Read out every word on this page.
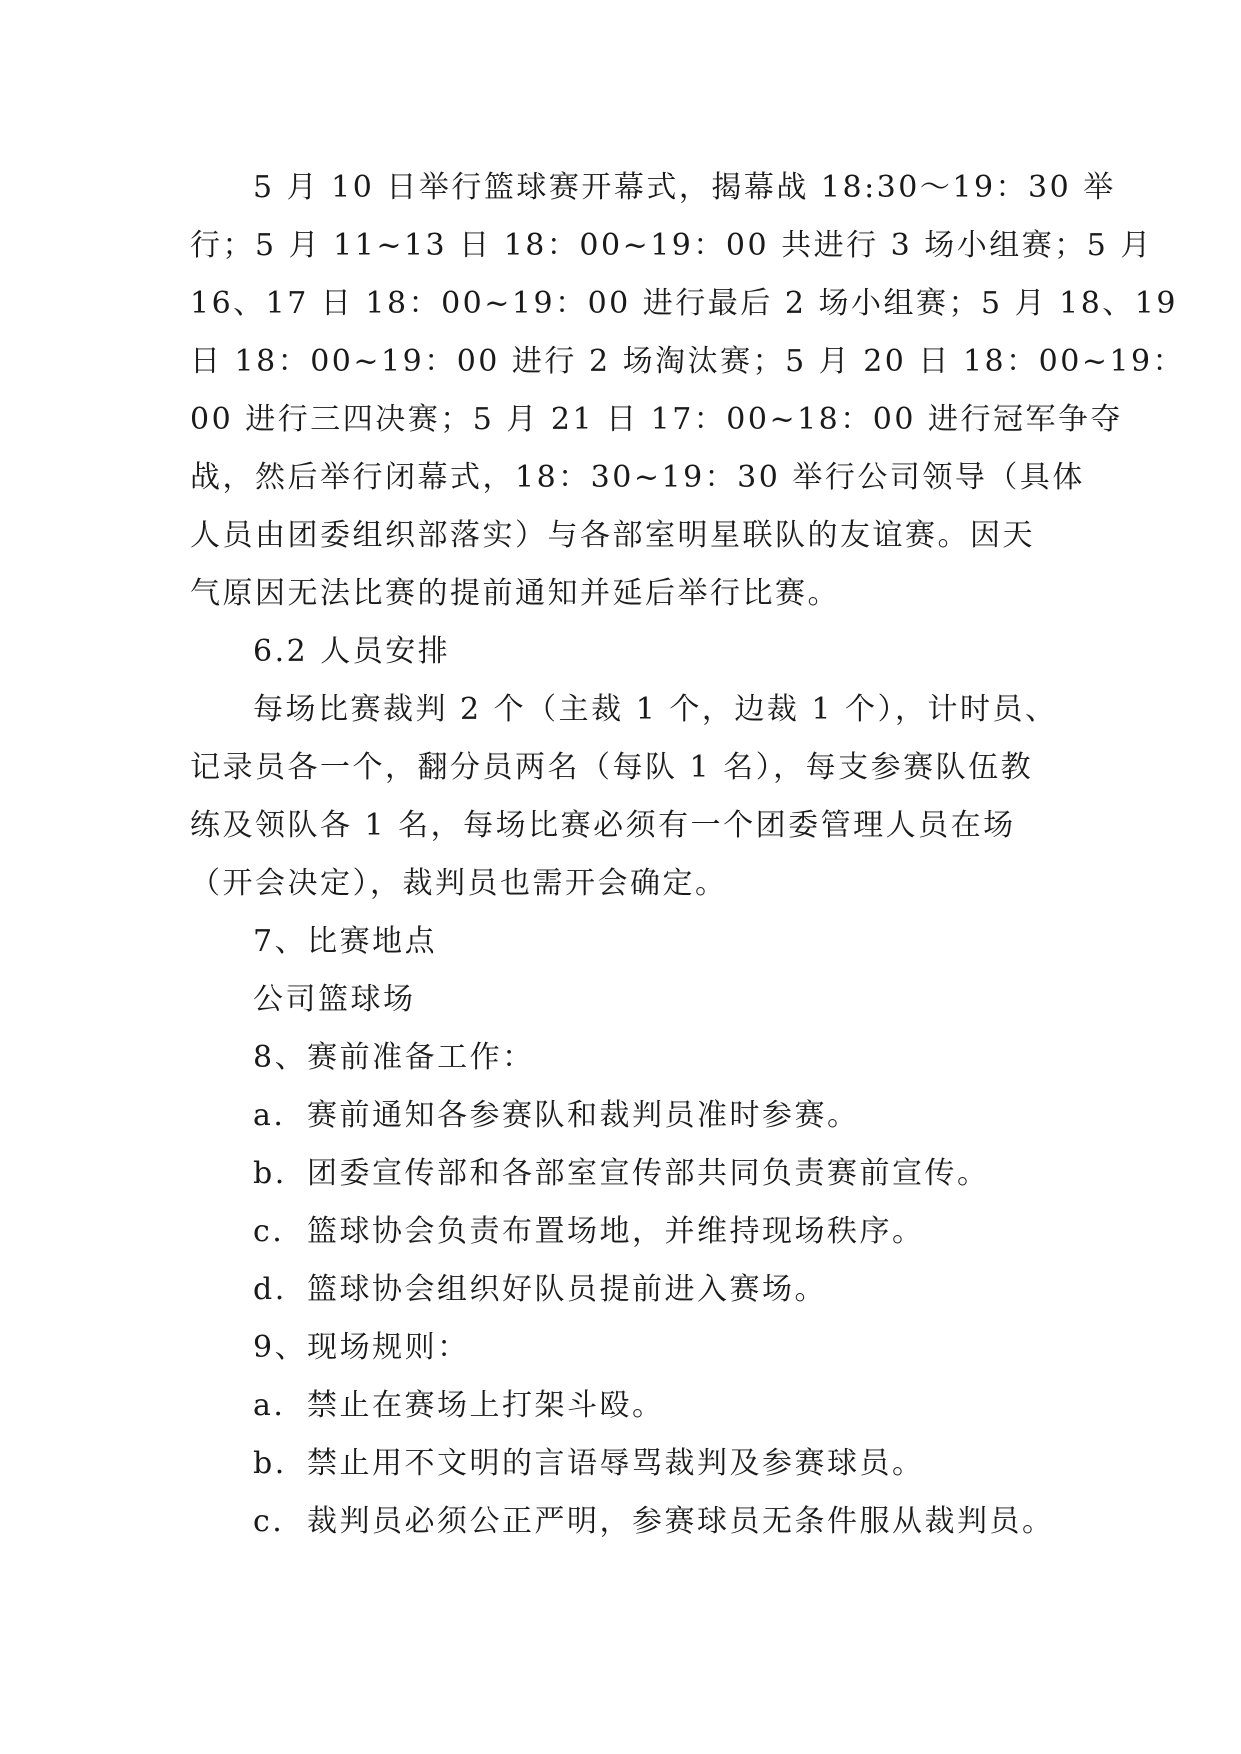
5 月 10 日举行篮球赛开幕式，揭幕战 18:30～19：30 举
行；5 月 11~13 日 18：00~19：00 共进行 3 场小组赛；5 月
16、17 日 18：00~19：00 进行最后 2 场小组赛；5 月 18、19
日 18：00~19：00 进行 2 场淘汰赛；5 月 20 日 18：00~19：
00 进行三四决赛；5 月 21 日 17：00~18：00 进行冠军争夺
战，然后举行闭幕式，18：30~19：30 举行公司领导（具体
人员由团委组织部落实）与各部室明星联队的友谊赛。因天
气原因无法比赛的提前通知并延后举行比赛。
6.2 人员安排
每场比赛裁判 2 个（主裁 1 个，边裁 1 个），计时员、
记录员各一个，翻分员两名（每队 1 名），每支参赛队伍教
练及领队各 1 名，每场比赛必须有一个团委管理人员在场
（开会决定），裁判员也需开会确定。
7、比赛地点
公司篮球场
8、赛前准备工作：
a. 赛前通知各参赛队和裁判员准时参赛。
b. 团委宣传部和各部室宣传部共同负责赛前宣传。
c. 篮球协会负责布置场地，并维持现场秩序。
d. 篮球协会组织好队员提前进入赛场。
9、现场规则：
a. 禁止在赛场上打架斗殴。
b. 禁止用不文明的言语辱骂裁判及参赛球员。
c. 裁判员必须公正严明，参赛球员无条件服从裁判员。
